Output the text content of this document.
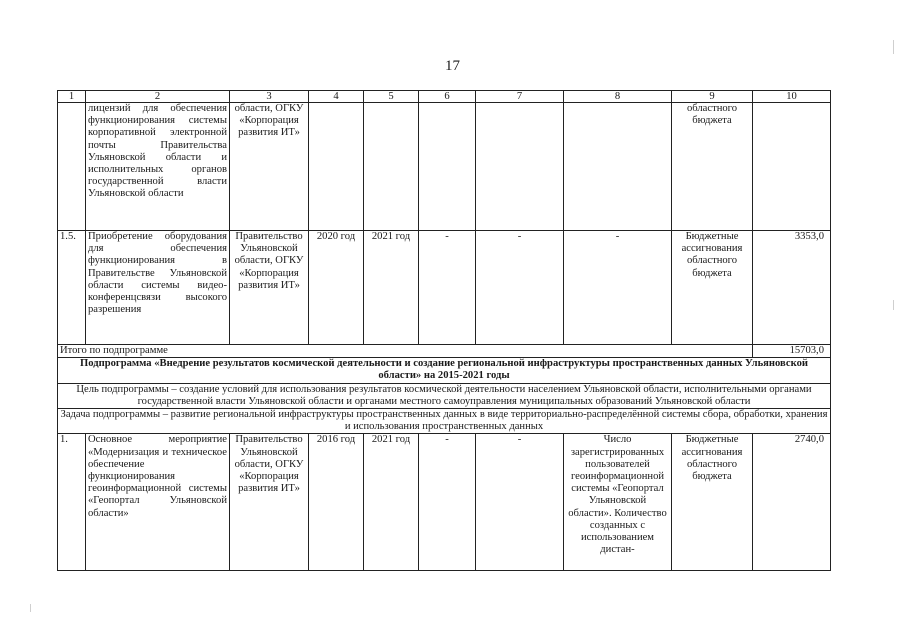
17
1	2	3	4	5	6	7	8	9	10
	лицензий для обеспечения функционирования системы корпоративной электронной почты Правительства Ульяновской области и исполнительных органов государственной власти Ульяновской области	области, ОГКУ «Корпорация развития ИТ»						областного бюджета	
1.5.	Приобретение оборудования для обеспечения функционирования в Правительстве Ульяновской области системы видео-конференцсвязи высокого разрешения	Правительство Ульяновской области, ОГКУ «Корпорация развития ИТ»	2020 год	2021 год	-	-	-	Бюджетные ассигнования областного бюджета	3353,0
Итого по подпрограмме									15703,0
Подпрограмма «Внедрение результатов космической деятельности и создание региональной инфраструктуры пространственных данных Ульяновской области» на 2015-2021 годы									
Цель подпрограммы – создание условий для использования результатов космической деятельности населением Ульяновской области, исполнительными органами государственной власти Ульяновской области и органами местного самоуправления муниципальных образований Ульяновской области									
Задача подпрограммы – развитие региональной инфраструктуры пространственных данных в виде территориально-распределённой системы сбора, обработки, хранения и использования пространственных данных									
1.	Основное мероприятие «Модернизация и техническое обеспечение функционирования геоинформационной системы «Геопортал Ульяновской области»	Правительство Ульяновской области, ОГКУ «Корпорация развития ИТ»	2016 год	2021 год	-	-	Число зарегистрированных пользователей геоинформационной системы «Геопортал Ульяновской области». Количество созданных с использованием дистан-	Бюджетные ассигнования областного бюджета	2740,0
